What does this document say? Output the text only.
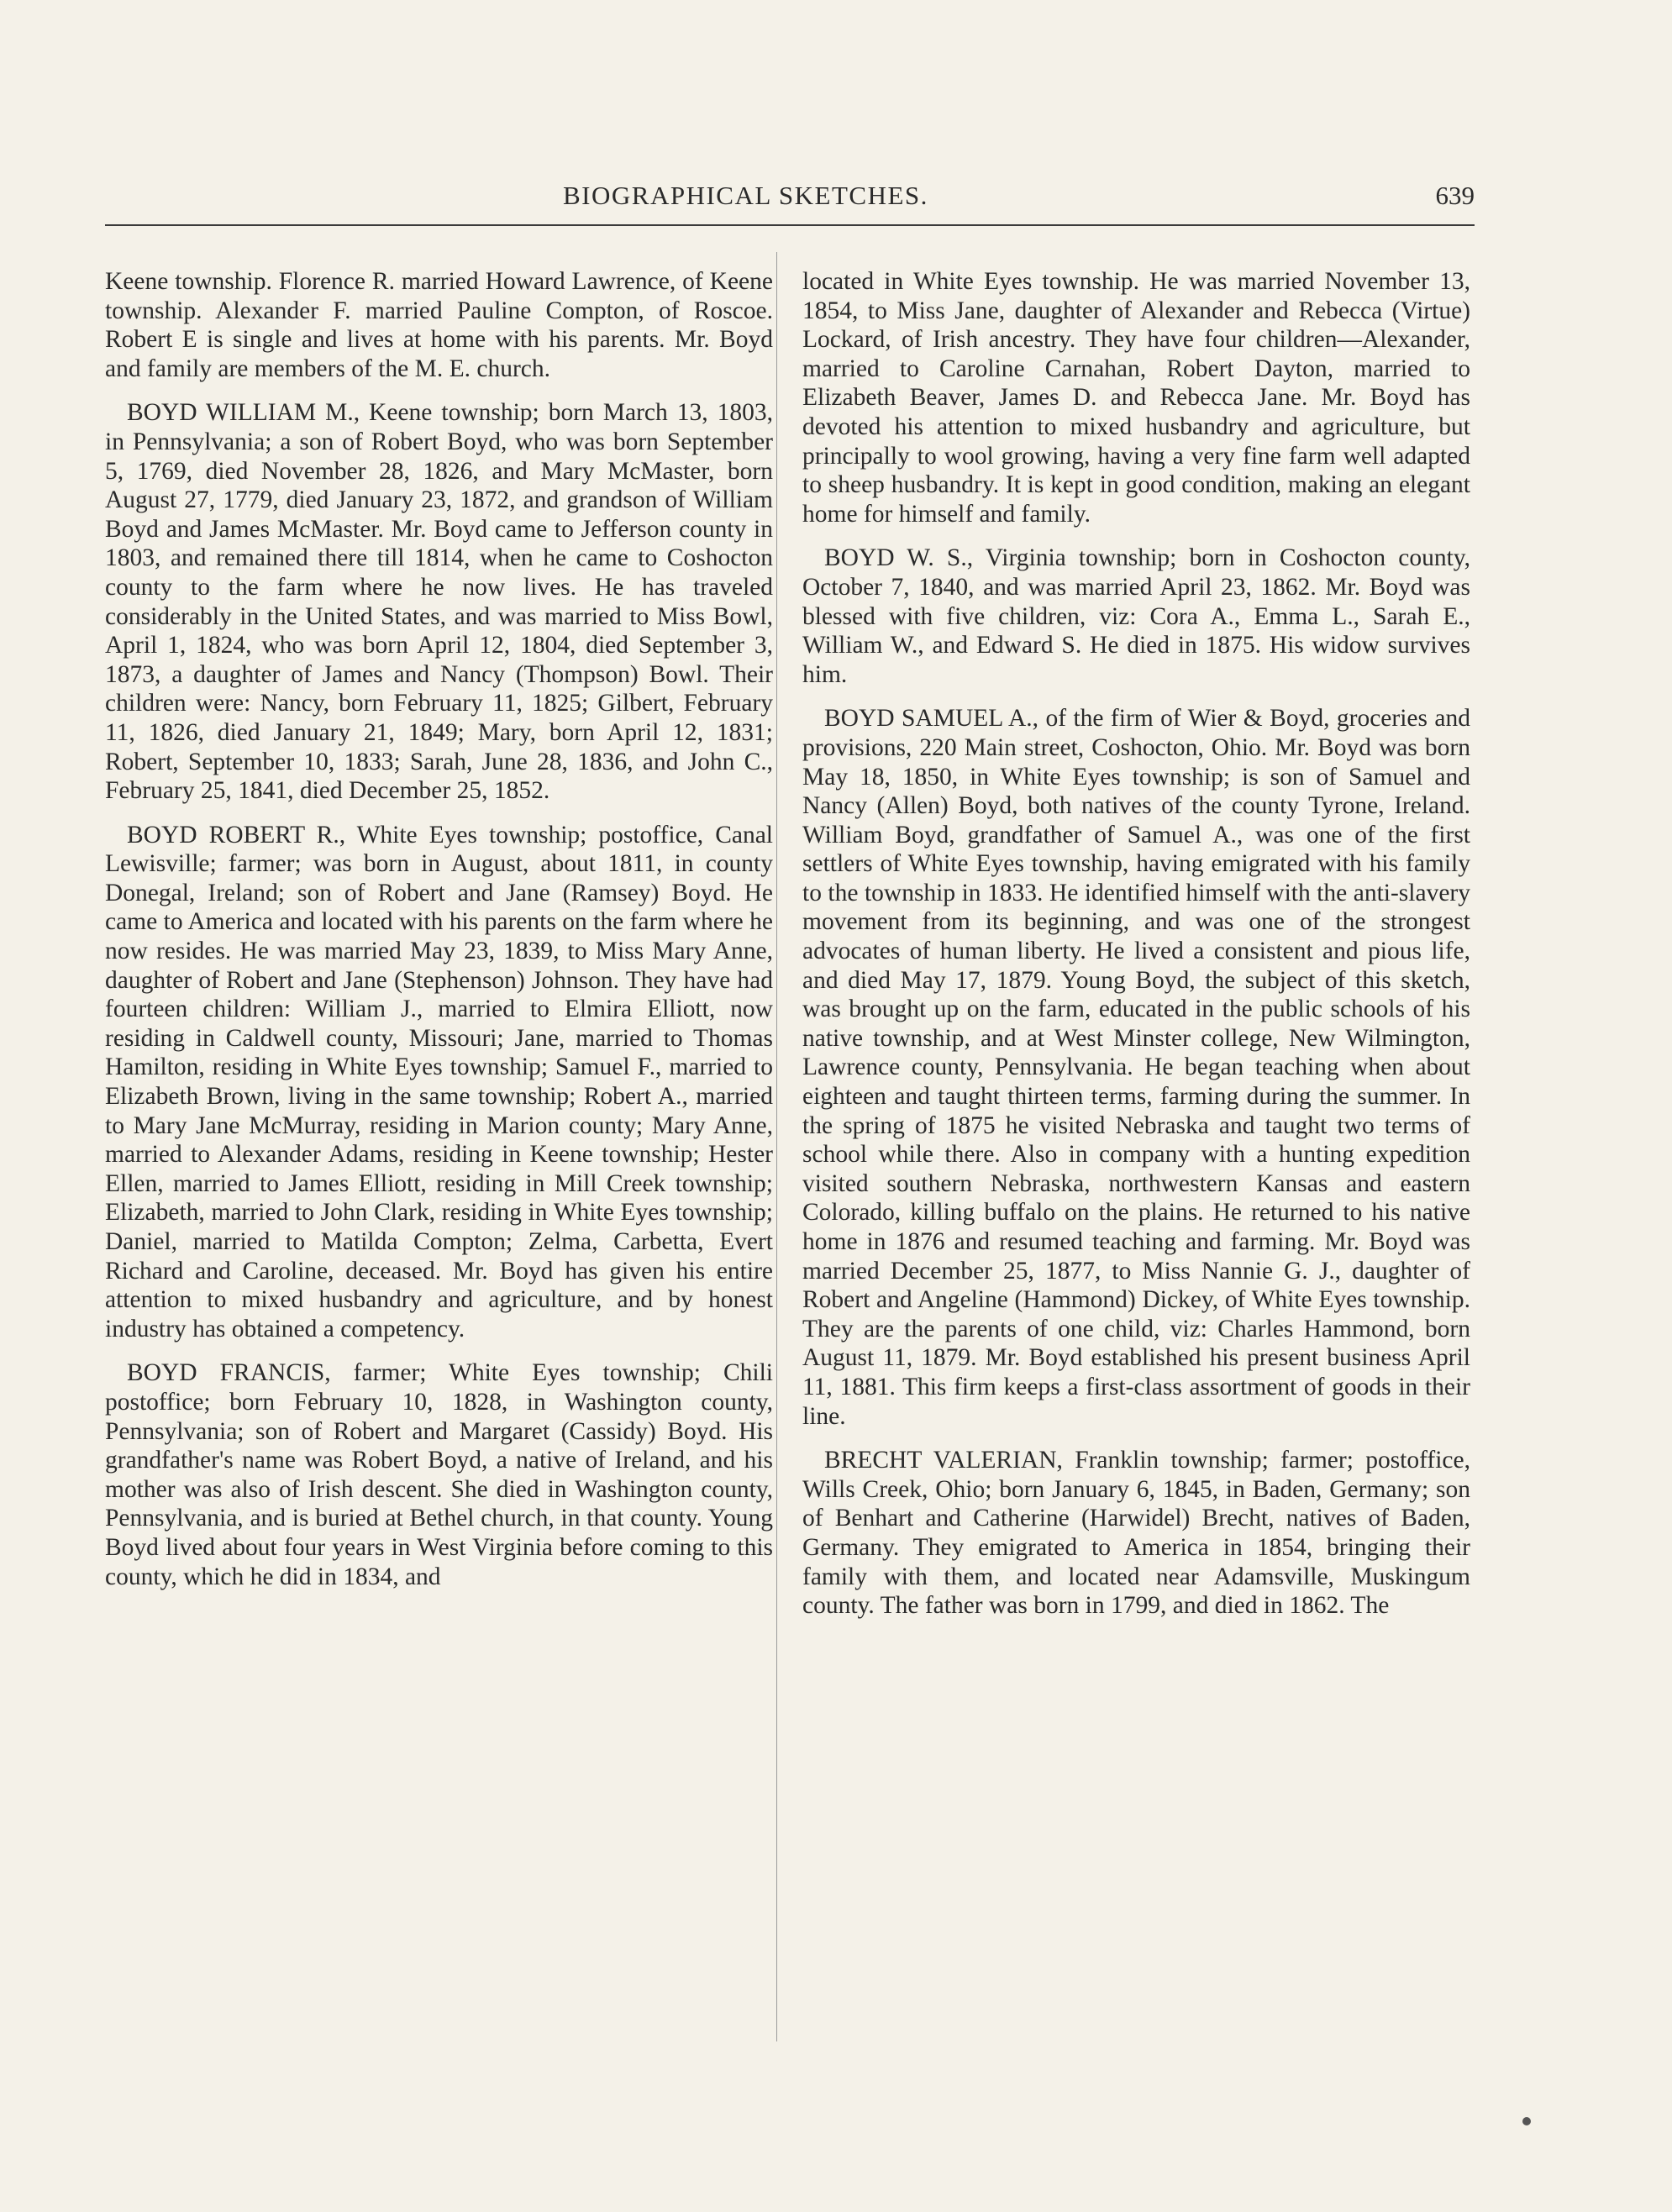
BIOGRAPHICAL SKETCHES.	639

Keene township. Florence R. married Howard Lawrence, of Keene township. Alexander F. married Pauline Compton, of Roscoe. Robert E is single and lives at home with his parents. Mr. Boyd and family are members of the M. E. church.

BOYD WILLIAM M., Keene township; born March 13, 1803, in Pennsylvania; a son of Robert Boyd, who was born September 5, 1769, died November 28, 1826, and Mary McMaster, born August 27, 1779, died January 23, 1872, and grandson of William Boyd and James McMaster. Mr. Boyd came to Jefferson county in 1803, and remained there till 1814, when he came to Coshocton county to the farm where he now lives. He has traveled considerably in the United States, and was married to Miss Bowl, April 1, 1824, who was born April 12, 1804, died September 3, 1873, a daughter of James and Nancy (Thompson) Bowl. Their children were: Nancy, born February 11, 1825; Gilbert, February 11, 1826, died January 21, 1849; Mary, born April 12, 1831; Robert, September 10, 1833; Sarah, June 28, 1836, and John C., February 25, 1841, died December 25, 1852.

BOYD ROBERT R., White Eyes township; postoffice, Canal Lewisville; farmer; was born in August, about 1811, in county Donegal, Ireland; son of Robert and Jane (Ramsey) Boyd. He came to America and located with his parents on the farm where he now resides. He was married May 23, 1839, to Miss Mary Anne, daughter of Robert and Jane (Stephenson) Johnson. They have had fourteen children: William J., married to Elmira Elliott, now residing in Caldwell county, Missouri; Jane, married to Thomas Hamilton, residing in White Eyes township; Samuel F., married to Elizabeth Brown, living in the same township; Robert A., married to Mary Jane McMurray, residing in Marion county; Mary Anne, married to Alexander Adams, residing in Keene township; Hester Ellen, married to James Elliott, residing in Mill Creek township; Elizabeth, married to John Clark, residing in White Eyes township; Daniel, married to Matilda Compton; Zelma, Carbetta, Evert Richard and Caroline, deceased. Mr. Boyd has given his entire attention to mixed husbandry and agriculture, and by honest industry has obtained a competency.

BOYD FRANCIS, farmer; White Eyes township; Chili postoffice; born February 10, 1828, in Washington county, Pennsylvania; son of Robert and Margaret (Cassidy) Boyd. His grandfather's name was Robert Boyd, a native of Ireland, and his mother was also of Irish descent. She died in Washington county, Pennsylvania, and is buried at Bethel church, in that county. Young Boyd lived about four years in West Virginia before coming to this county, which he did in 1834, and

located in White Eyes township. He was married November 13, 1854, to Miss Jane, daughter of Alexander and Rebecca (Virtue) Lockard, of Irish ancestry. They have four children—Alexander, married to Caroline Carnahan, Robert Dayton, married to Elizabeth Beaver, James D. and Rebecca Jane. Mr. Boyd has devoted his attention to mixed husbandry and agriculture, but principally to wool growing, having a very fine farm well adapted to sheep husbandry. It is kept in good condition, making an elegant home for himself and family.

BOYD W. S., Virginia township; born in Coshocton county, October 7, 1840, and was married April 23, 1862. Mr. Boyd was blessed with five children, viz: Cora A., Emma L., Sarah E., William W., and Edward S. He died in 1875. His widow survives him.

BOYD SAMUEL A., of the firm of Wier & Boyd, groceries and provisions, 220 Main street, Coshocton, Ohio. Mr. Boyd was born May 18, 1850, in White Eyes township; is son of Samuel and Nancy (Allen) Boyd, both natives of the county Tyrone, Ireland. William Boyd, grandfather of Samuel A., was one of the first settlers of White Eyes township, having emigrated with his family to the township in 1833. He identified himself with the anti-slavery movement from its beginning, and was one of the strongest advocates of human liberty. He lived a consistent and pious life, and died May 17, 1879. Young Boyd, the subject of this sketch, was brought up on the farm, educated in the public schools of his native township, and at West Minster college, New Wilmington, Lawrence county, Pennsylvania. He began teaching when about eighteen and taught thirteen terms, farming during the summer. In the spring of 1875 he visited Nebraska and taught two terms of school while there. Also in company with a hunting expedition visited southern Nebraska, northwestern Kansas and eastern Colorado, killing buffalo on the plains. He returned to his native home in 1876 and resumed teaching and farming. Mr. Boyd was married December 25, 1877, to Miss Nannie G. J., daughter of Robert and Angeline (Hammond) Dickey, of White Eyes township. They are the parents of one child, viz: Charles Hammond, born August 11, 1879. Mr. Boyd established his present business April 11, 1881. This firm keeps a first-class assortment of goods in their line.

BRECHT VALERIAN, Franklin township; farmer; postoffice, Wills Creek, Ohio; born January 6, 1845, in Baden, Germany; son of Benhart and Catherine (Harwidel) Brecht, natives of Baden, Germany. They emigrated to America in 1854, bringing their family with them, and located near Adamsville, Muskingum county. The father was born in 1799, and died in 1862. The
